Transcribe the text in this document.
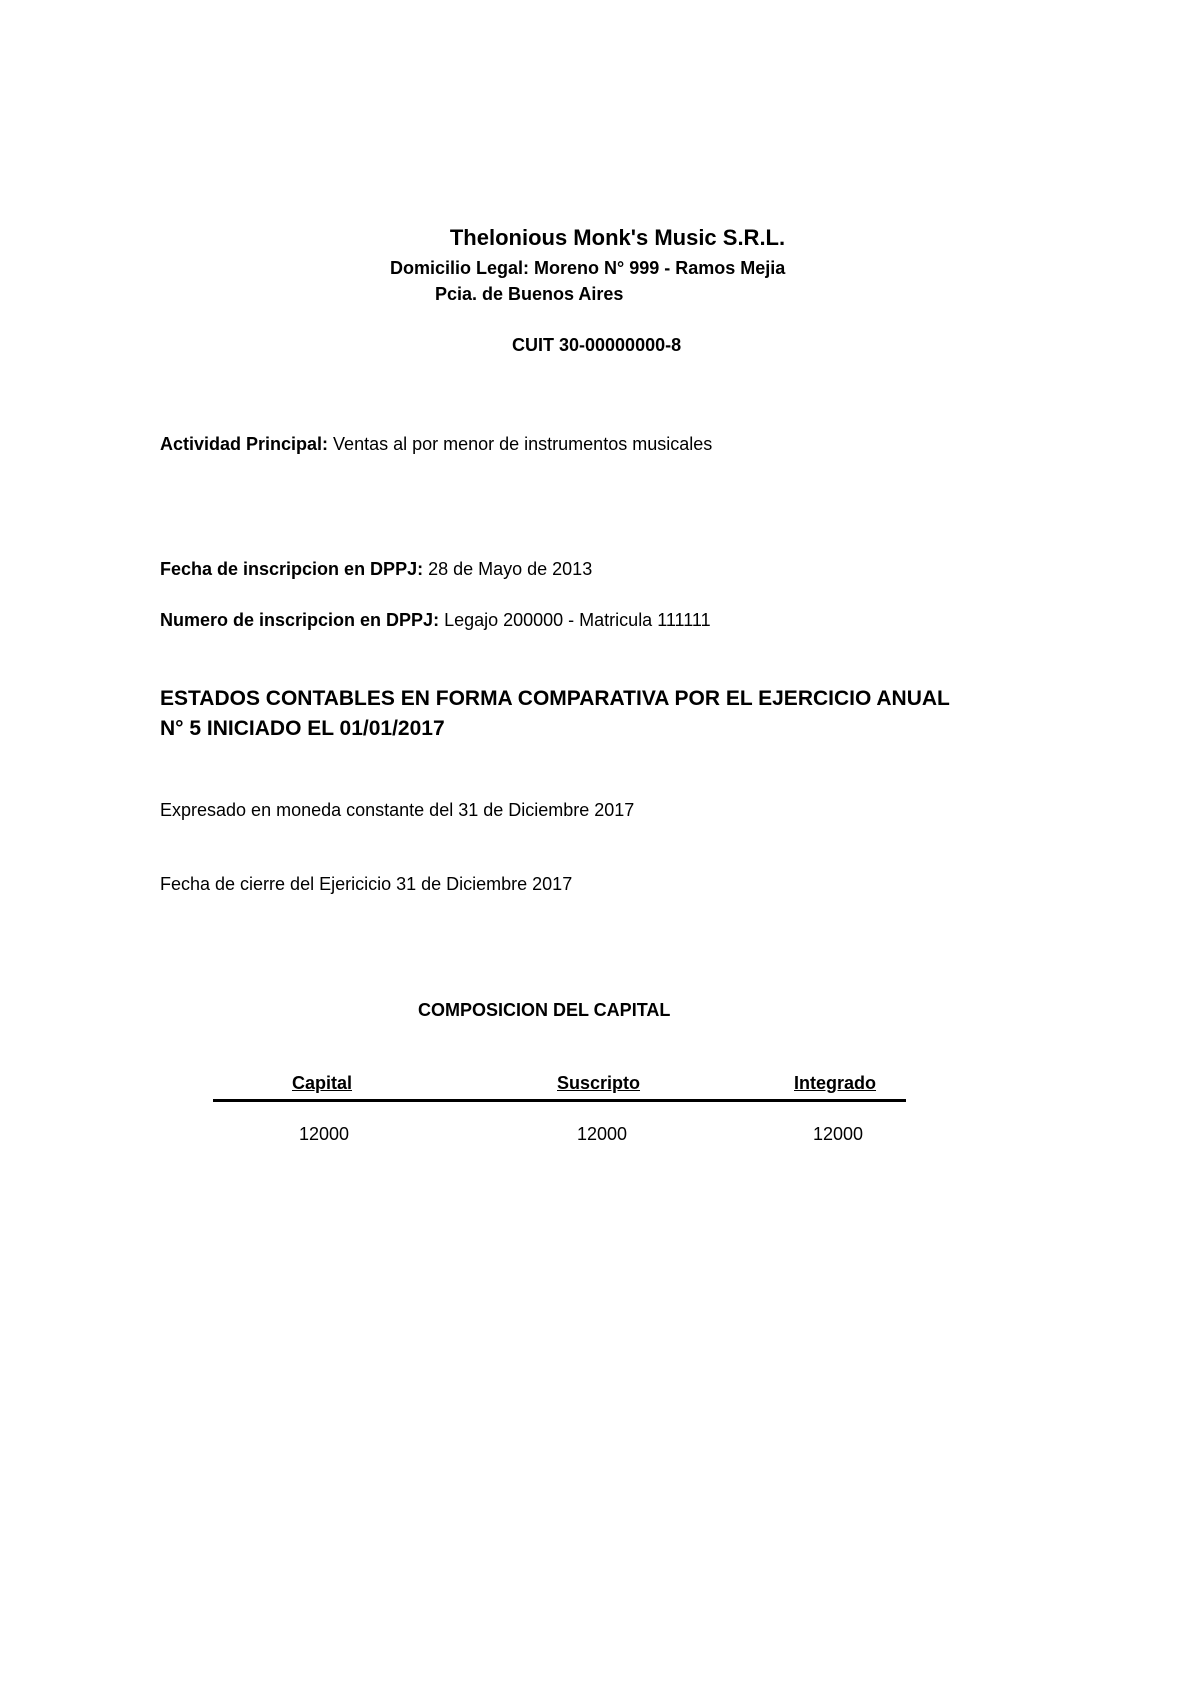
Thelonious Monk's Music S.R.L.
Domicilio Legal: Moreno N° 999 - Ramos Mejia
Pcia. de Buenos Aires
CUIT 30-00000000-8
Actividad Principal: Ventas al por menor de instrumentos musicales
Fecha de inscripcion en DPPJ: 28 de Mayo de 2013
Numero de inscripcion en DPPJ: Legajo 200000 - Matricula 111111
ESTADOS CONTABLES EN FORMA COMPARATIVA POR EL EJERCICIO ANUAL N° 5 INICIADO EL 01/01/2017
Expresado en moneda constante del 31 de Diciembre 2017
Fecha de cierre del Ejericicio 31 de Diciembre 2017
COMPOSICION DEL CAPITAL
Capital	Suscripto	Integrado
12000	12000	12000
